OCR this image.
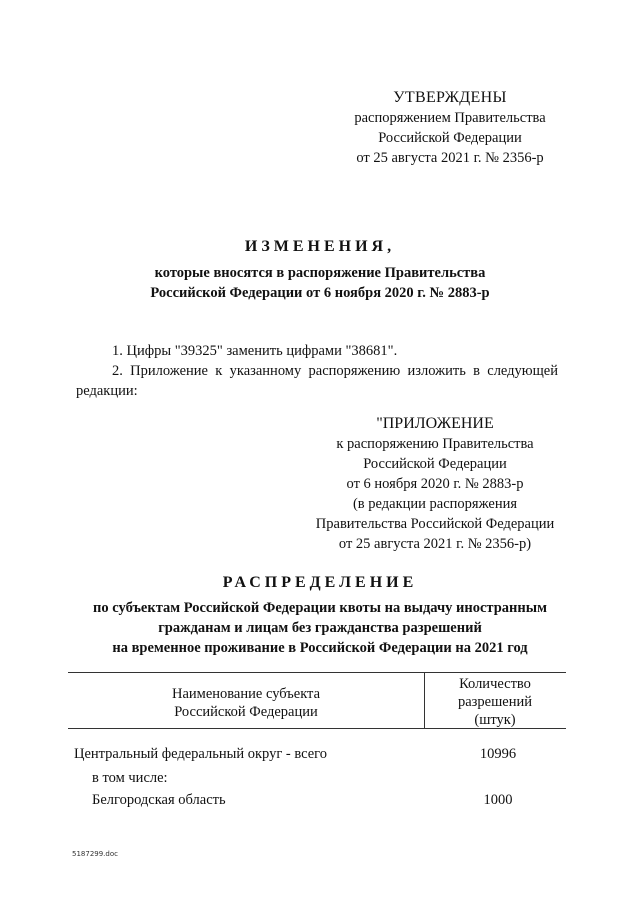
УТВЕРЖДЕНЫ
распоряжением Правительства
Российской Федерации
от 25 августа 2021 г. № 2356-р
ИЗМЕНЕНИЯ,
которые вносятся в распоряжение Правительства
Российской Федерации от 6 ноября 2020 г. № 2883-р

1. Цифры "39325" заменить цифрами "38681".

2. Приложение к указанному распоряжению изложить в следующей редакции:

"ПРИЛОЖЕНИЕ
к распоряжению Правительства
Российской Федерации
от 6 ноября 2020 г. № 2883-р
(в редакции распоряжения
Правительства Российской Федерации
от 25 августа 2021 г. № 2356-р)
РАСПРЕДЕЛЕНИЕ
по субъектам Российской Федерации квоты на выдачу иностранным
гражданам и лицам без гражданства разрешений
на временное проживание в Российской Федерации на 2021 год
Наименование субъекта
Российской Федерации
Количество
разрешений
(штук)
Центральный федеральный округ - всего	10996
в том числе:
Белгородская область	1000
5187299.doc
